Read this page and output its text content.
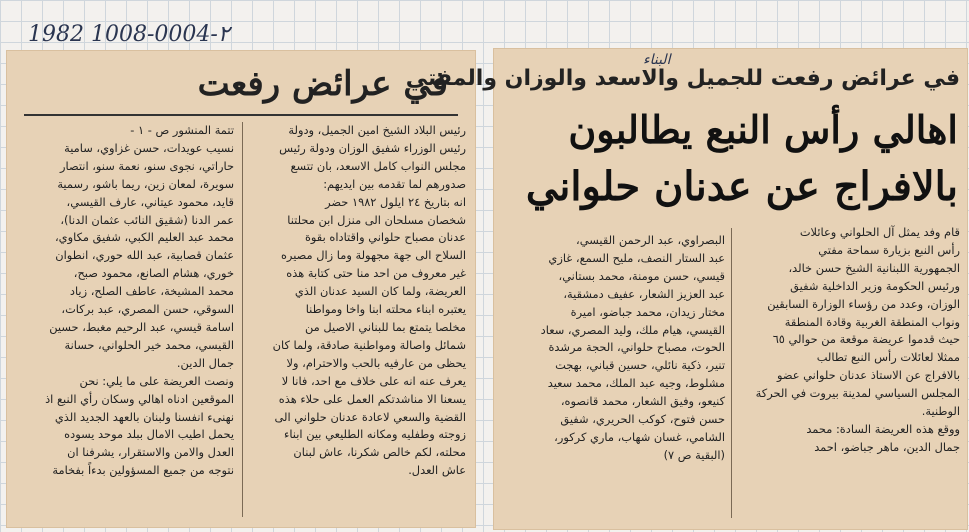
1982 1008-0004-٢
في عرائض رفعت
رئيس البلاد الشيخ امين الجميل، ودولة
رئيس الوزراء شفيق الوزان ودولة رئيس
مجلس النواب كامل الاسعد، بان تتسع
صدورهم لما تقدمه بين ايديهم:
انه بتاريخ ٢٤ ايلول ١٩٨٢ حضر
شخصان مسلحان الى منزل ابن محلتنا
عدنان مصباح حلواني واقتاداه بقوة
السلاح الى جهة مجهولة وما زال مصيره
غير معروف من احد منا حتى كتابة هذه
العريضة، ولما كان السيد عدنان الذي
يعتبره ابناء محلته ابنا واخا ومواطنا
مخلصا يتمتع بما للبناني الاصيل من
شمائل واصالة ومواطنية صادقة، ولما كان
يحظى من عارفيه بالحب والاحترام، ولا
يعرف عنه انه على خلاف مع احد، فانا لا
يسعنا الا مناشدتكم العمل على حلاء هذه
القضية والسعي لاعادة عدنان حلواني الى
زوجته وطفليه ومكانه الطليعي بين ابناء
محلته، لكم خالص شكرنا، عاش لبنان
عاش العدل.
تتمة المنشور ص - ١ -
نسيب عويدات، حسن غزاوي، سامية
حاراتي، نجوى سنو، نعمة سنو، انتصار
سويرة، لمعان زين، ريما باشو، رسمية
قايد، محمود عيتاني، عارف القيسي،
عمر الدنا (شقيق النائب عثمان الدنا)،
محمد عبد العليم الكبي، شفيق مكاوي،
عثمان قصابية، عبد الله حوري، انطوان
خوري، هشام الصانع، محمود صبح،
محمد المشيخة، عاطف الصلح، زياد
السوقي، حسن المصري، عبد بركات،
اسامة قيسي، عبد الرحيم مغبط، حسين
القيسي، محمد خير الحلواني، حسانة
جمال الدين.
ونصت العريضة على ما يلي: نحن
الموقعين ادناه اهالي وسكان رأي النبع اذ
نهنىء انفسنا ولبنان بالعهد الجديد الذي
يحمل اطيب الامال ببلد موحد يسوده
العدل والامن والاستقرار، يشرفنا ان
نتوجه من جميع المسؤولين بدءاً بفخامة
البناء
في عرائض رفعت للجميل والاسعد والوزان والمفتي
اهالي رأس النبع يطالبون
بالافراج عن عدنان حلواني
قام وفد يمثل آل الحلواني وعائلات
رأس النبع بزيارة سماحة مفتي
الجمهورية اللبنانية الشيخ حسن خالد،
ورئيس الحكومة وزير الداخلية شفيق
الوزان، وعدد من رؤساء الوزارة السابقين
ونواب المنطقة الغربية وقادة المنطقة
حيث قدموا عريضة موقعة من حوالي ٦٥
ممثلا لعائلات رأس النبع تطالب
بالافراج عن الاستاذ عدنان حلواني عضو
المجلس السياسي لمدينة بيروت في الحركة
الوطنية.
ووقع هذه العريضة السادة: محمد
جمال الدين، ماهر جباضو، احمد
البصراوي، عبد الرحمن القيسي،
عبد الستار النصف، مليح السمع، غازي
قيسي، حسن مومنة، محمد بستاني،
عبد العزيز الشعار، عفيف دمشقية،
مختار زيدان، محمد جباضو، اميرة
القيسي، هيام ملك، وليد المصري، سعاد
الحوت، مصباح حلواني، الحجة مرشدة
تنير، ذكية نائلي، حسين قباني، بهجت
مشلوط، وجيه عبد الملك، محمد سعيد
كنيعو، وفيق الشعار، محمد قانصوه،
حسن فتوح، كوكب الحريري، شفيق
الشامي، غسان شهاب، ماري كركور،
(البقية ص ٧)
